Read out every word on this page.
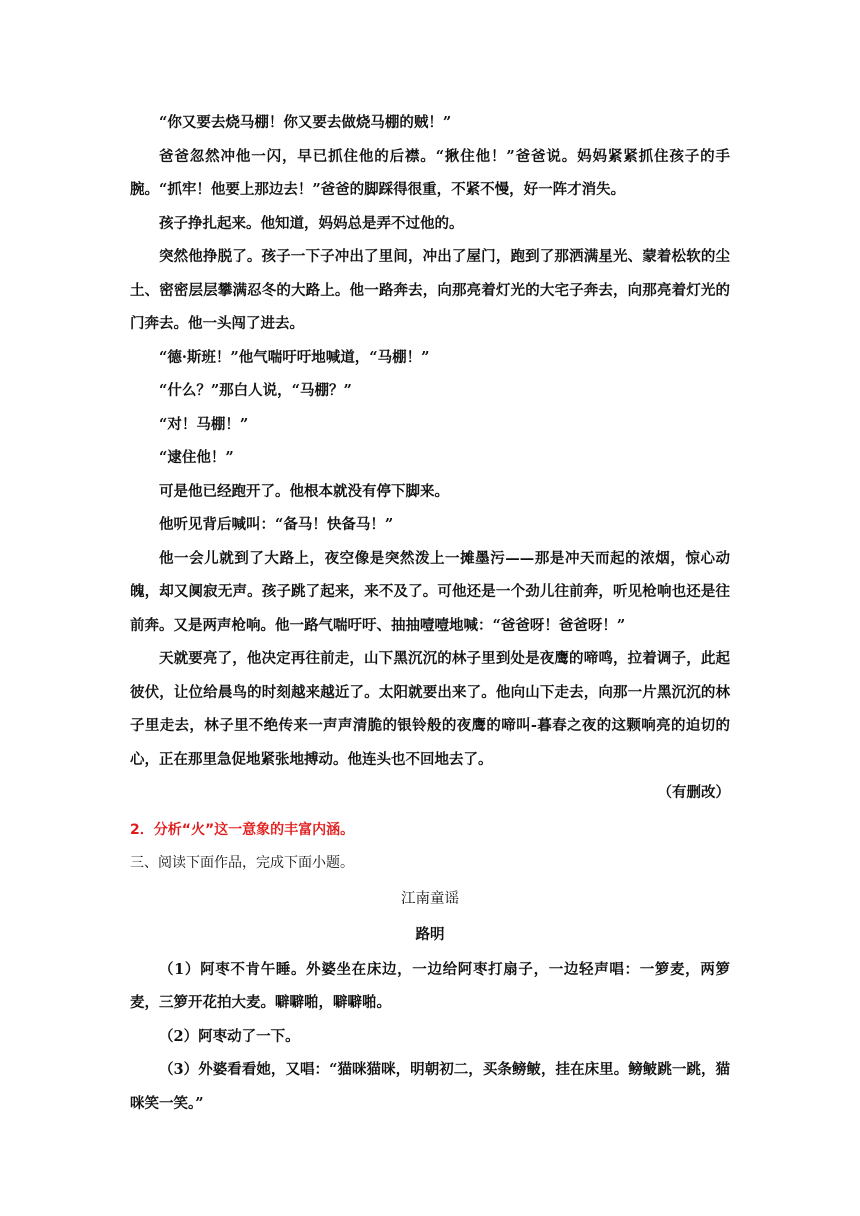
“你又要去烧马棚！你又要去做烧马棚的贼！”

爸爸忽然冲他一闪，早已抓住他的后襟。“揪住他！”爸爸说。妈妈紧紧抓住孩子的手腕。“抓牢！他要上那边去！”爸爸的脚踩得很重，不紧不慢，好一阵才消失。

孩子挣扎起来。他知道，妈妈总是弄不过他的。

突然他挣脱了。孩子一下子冲出了里间，冲出了屋门，跑到了那洒满星光、蒙着松软的尘土、密密层层攀满忍冬的大路上。他一路奔去，向那亮着灯光的大宅子奔去，向那亮着灯光的门奔去。他一头闯了进去。

“德·斯班！”他气喘吁吁地喊道，“马棚！”

“什么？”那白人说，“马棚？”

“对！马棚！”

“逮住他！”

可是他已经跑开了。他根本就没有停下脚来。

他听见背后喊叫：“备马！快备马！”

他一会儿就到了大路上，夜空像是突然泼上一摊墨污——那是冲天而起的浓烟，惊心动魄，却又阒寂无声。孩子跳了起来，来不及了。可他还是一个劲儿往前奔，听见枪响也还是往前奔。又是两声枪响。他一路气喘吁吁、抽抽噎噎地喊：“爸爸呀！爸爸呀！”

天就要亮了，他决定再往前走，山下黑沉沉的林子里到处是夜鹰的啼鸣，拉着调子，此起彼伏，让位给晨鸟的时刻越来越近了。太阳就要出来了。他向山下走去，向那一片黑沉沉的林子里走去，林子里不绝传来一声声清脆的银铃般的夜鹰的啼叫-暮春之夜的这颗响亮的迫切的心，正在那里急促地紧张地搏动。他连头也不回地去了。

（有删改）

2．分析“火”这一意象的丰富内涵。

三、阅读下面作品，完成下面小题。

江南童谣

路明

（1）阿枣不肯午睡。外婆坐在床边，一边给阿枣打扇子，一边轻声唱：一箩麦，两箩麦，三箩开花拍大麦。噼噼啪，噼噼啪。

（2）阿枣动了一下。

（3）外婆看看她，又唱：“猫咪猫咪，明朝初二，买条鳑鲏，挂在床里。鳑鲏跳一跳，猫咪笑一笑。”
